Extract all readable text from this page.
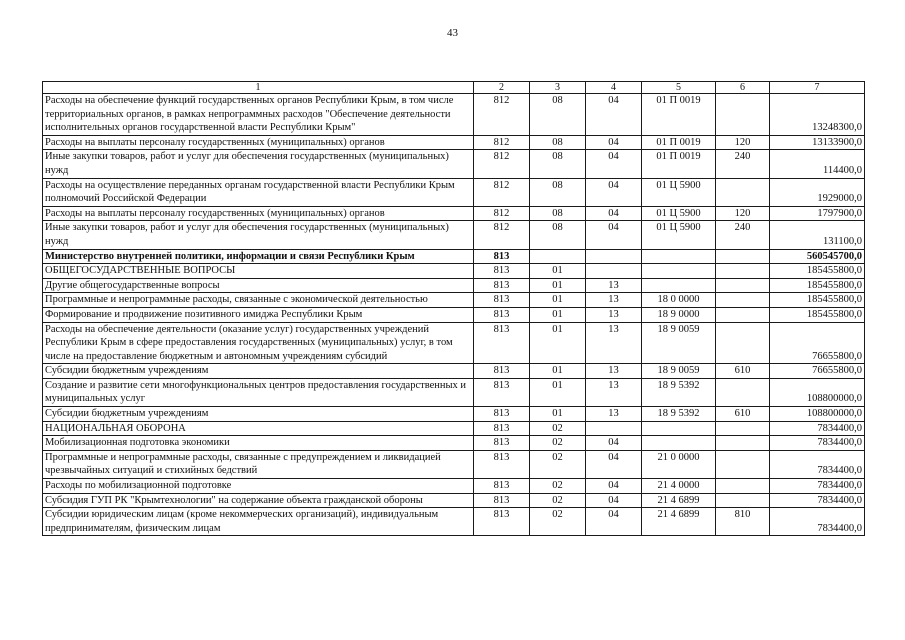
43
1	2	3	4	5	6	7
Расходы на обеспечение функций государственных органов Республики Крым, в том числе территориальных органов, в рамках непрограммных расходов "Обеспечение деятельности исполнительных органов государственной власти Республики Крым"	812	08	04	01 П 0019		13248300,0
Расходы на выплаты персоналу государственных (муниципальных) органов	812	08	04	01 П 0019	120	13133900,0
Иные закупки товаров, работ и услуг для обеспечения государственных (муниципальных) нужд	812	08	04	01 П 0019	240	114400,0
Расходы на осуществление переданных органам государственной власти Республики Крым полномочий Российской Федерации	812	08	04	01 Ц 5900		1929000,0
Расходы на выплаты персоналу государственных (муниципальных) органов	812	08	04	01 Ц 5900	120	1797900,0
Иные закупки товаров, работ и услуг для обеспечения государственных (муниципальных) нужд	812	08	04	01 Ц 5900	240	131100,0
Министерство внутренней политики, информации и связи Республики Крым	813					560545700,0
ОБЩЕГОСУДАРСТВЕННЫЕ ВОПРОСЫ	813	01				185455800,0
Другие общегосударственные вопросы	813	01	13			185455800,0
Программные и непрограммные расходы, связанные с экономической деятельностью	813	01	13	18 0 0000		185455800,0
Формирование и продвижение позитивного имиджа Республики Крым	813	01	13	18 9 0000		185455800,0
Расходы на обеспечение деятельности (оказание услуг) государственных учреждений Республики Крым в сфере предоставления государственных (муниципальных) услуг, в том числе на предоставление бюджетным и автономным учреждениям субсидий	813	01	13	18 9 0059		76655800,0
Субсидии бюджетным учреждениям	813	01	13	18 9 0059	610	76655800,0
Создание и развитие сети многофункциональных центров предоставления государственных и муниципальных услуг	813	01	13	18 9 5392		108800000,0
Субсидии бюджетным учреждениям	813	01	13	18 9 5392	610	108800000,0
НАЦИОНАЛЬНАЯ ОБОРОНА	813	02				7834400,0
Мобилизационная подготовка экономики	813	02	04			7834400,0
Программные и непрограммные расходы, связанные с предупреждением и ликвидацией чрезвычайных ситуаций и стихийных бедствий	813	02	04	21 0 0000		7834400,0
Расходы по мобилизационной подготовке	813	02	04	21 4 0000		7834400,0
Субсидия ГУП РК "Крымтехнологии" на содержание объекта гражданской обороны	813	02	04	21 4 6899		7834400,0
Субсидии юридическим лицам (кроме некоммерческих организаций), индивидуальным предпринимателям, физическим лицам	813	02	04	21 4 6899	810	7834400,0
